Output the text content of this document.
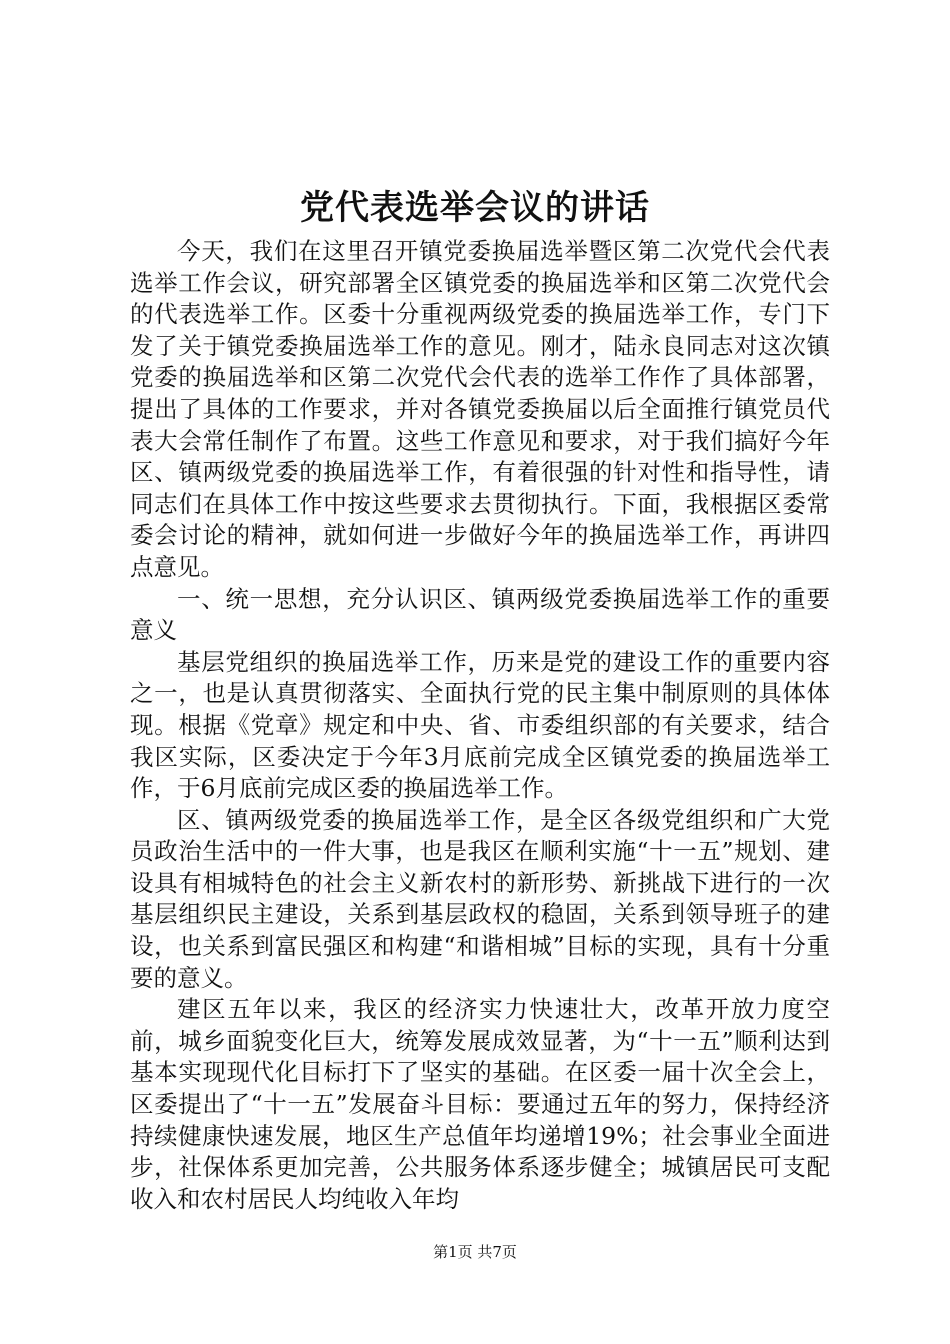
党代表选举会议的讲话

今天，我们在这里召开镇党委换届选举暨区第二次党代会代表选举工作会议，研究部署全区镇党委的换届选举和区第二次党代会的代表选举工作。区委十分重视两级党委的换届选举工作，专门下发了关于镇党委换届选举工作的意见。刚才，陆永良同志对这次镇党委的换届选举和区第二次党代会代表的选举工作作了具体部署，提出了具体的工作要求，并对各镇党委换届以后全面推行镇党员代表大会常任制作了布置。这些工作意见和要求，对于我们搞好今年区、镇两级党委的换届选举工作，有着很强的针对性和指导性，请同志们在具体工作中按这些要求去贯彻执行。下面，我根据区委常委会讨论的精神，就如何进一步做好今年的换届选举工作，再讲四点意见。

一、统一思想，充分认识区、镇两级党委换届选举工作的重要意义

基层党组织的换届选举工作，历来是党的建设工作的重要内容之一，也是认真贯彻落实、全面执行党的民主集中制原则的具体体现。根据《党章》规定和中央、省、市委组织部的有关要求，结合我区实际，区委决定于今年3月底前完成全区镇党委的换届选举工作，于6月底前完成区委的换届选举工作。

区、镇两级党委的换届选举工作，是全区各级党组织和广大党员政治生活中的一件大事，也是我区在顺利实施“十一五”规划、建设具有相城特色的社会主义新农村的新形势、新挑战下进行的一次基层组织民主建设，关系到基层政权的稳固，关系到领导班子的建设，也关系到富民强区和构建“和谐相城”目标的实现，具有十分重要的意义。

建区五年以来，我区的经济实力快速壮大，改革开放力度空前，城乡面貌变化巨大，统筹发展成效显著，为“十一五”顺利达到基本实现现代化目标打下了坚实的基础。在区委一届十次全会上，区委提出了“十一五”发展奋斗目标：要通过五年的努力，保持经济持续健康快速发展，地区生产总值年均递增19%；社会事业全面进步，社保体系更加完善，公共服务体系逐步健全；城镇居民可支配收入和农村居民人均纯收入年均

第1页 共7页
